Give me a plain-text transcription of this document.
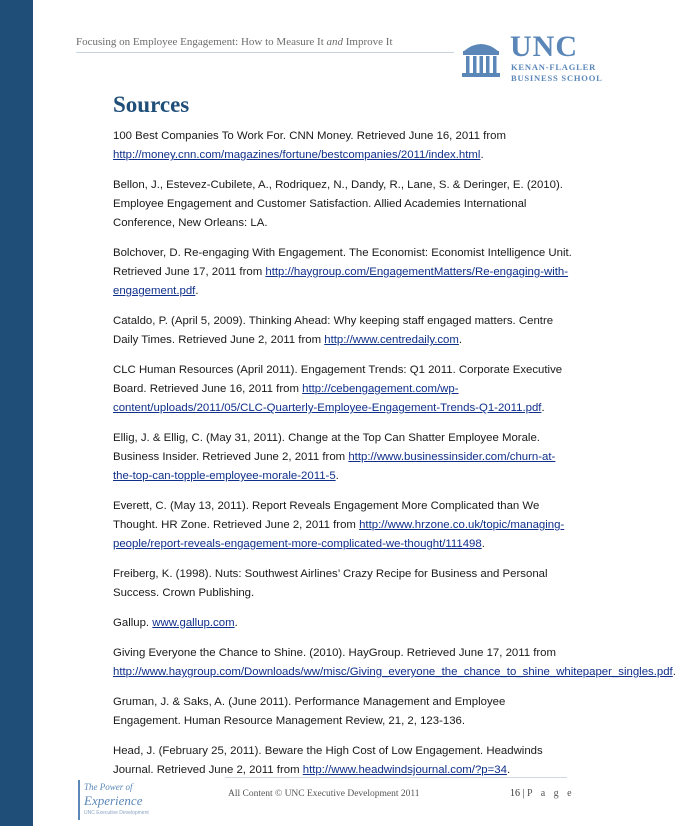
Focusing on Employee Engagement: How to Measure It and Improve It	UNC
KENAN-FLAGLER
BUSINESS SCHOOL
Sources

100 Best Companies To Work For. CNN Money. Retrieved June 16, 2011 from http://money.cnn.com/magazines/fortune/bestcompanies/2011/index.html.

Bellon, J., Estevez-Cubilete, A., Rodriquez, N., Dandy, R., Lane, S. & Deringer, E. (2010). Employee Engagement and Customer Satisfaction. Allied Academies International Conference, New Orleans: LA.

Bolchover, D. Re-engaging With Engagement. The Economist: Economist Intelligence Unit. Retrieved June 17, 2011 from http://haygroup.com/EngagementMatters/Re-engaging-with-engagement.pdf.

Cataldo, P. (April 5, 2009). Thinking Ahead: Why keeping staff engaged matters. Centre Daily Times. Retrieved June 2, 2011 from http://www.centredaily.com.

CLC Human Resources (April 2011). Engagement Trends: Q1 2011. Corporate Executive Board. Retrieved June 16, 2011 from http://cebengagement.com/wp-content/uploads/2011/05/CLC-Quarterly-Employee-Engagement-Trends-Q1-2011.pdf.

Ellig, J. & Ellig, C. (May 31, 2011). Change at the Top Can Shatter Employee Morale. Business Insider. Retrieved June 2, 2011 from http://www.businessinsider.com/churn-at-the-top-can-topple-employee-morale-2011-5.

Everett, C. (May 13, 2011). Report Reveals Engagement More Complicated than We Thought. HR Zone. Retrieved June 2, 2011 from http://www.hrzone.co.uk/topic/managing-people/report-reveals-engagement-more-complicated-we-thought/111498.

Freiberg, K. (1998). Nuts: Southwest Airlines’ Crazy Recipe for Business and Personal Success. Crown Publishing.

Gallup. www.gallup.com.

Giving Everyone the Chance to Shine. (2010). HayGroup. Retrieved June 17, 2011 from http://www.haygroup.com/Downloads/ww/misc/Giving_everyone_the_chance_to_shine_whitepaper_singles.pdf.

Gruman, J. & Saks, A. (June 2011). Performance Management and Employee Engagement. Human Resource Management Review, 21, 2, 123-136.

Head, J. (February 25, 2011). Beware the High Cost of Low Engagement. Headwinds Journal. Retrieved June 2, 2011 from http://www.headwindsjournal.com/?p=34.

The Power of
Experience
UNC Executive Development
All Content © UNC Executive Development 2011	16 | P a g e
